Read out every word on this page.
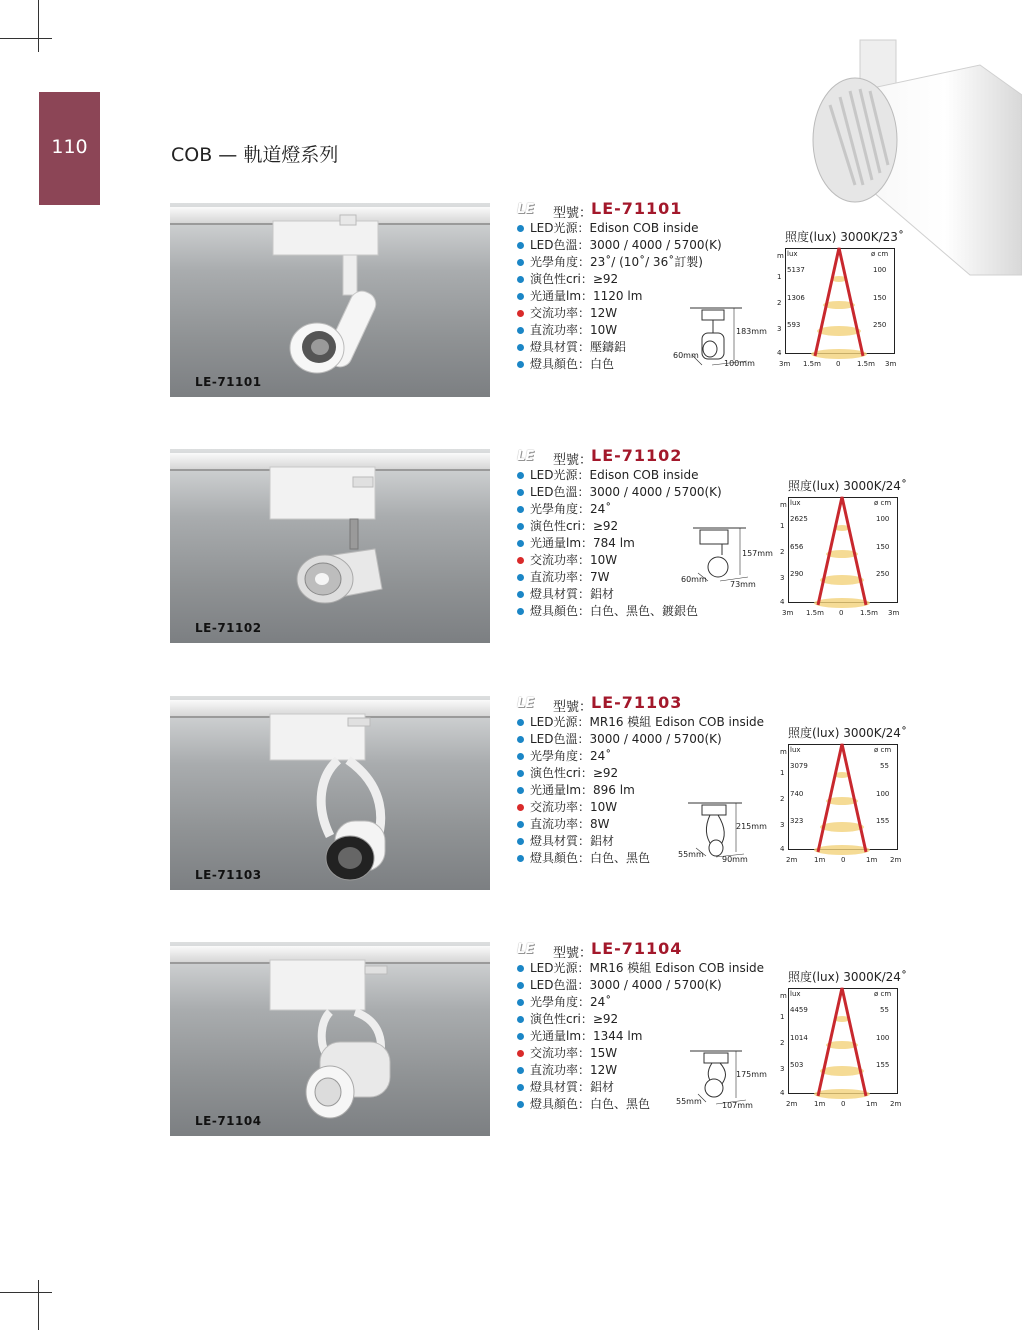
110	COB — 軌道燈系列
LE-71101
LE 型號：
LE-71101
LED光源：Edison COB inside
LED色溫：3000 / 4000 / 5700(K)
光學角度：23˚/ (10˚/ 36˚訂製)
演色性cri：≥92
光通量lm：1120 lm
交流功率：12W
直流功率：10W
燈具材質：壓鑄鋁
燈具顏色：白色
183mm
60mm
100mm
照度(lux) 3000K/23˚
m lux	ø cm
1
5137	100
2
1306	150
3 593	250
4
3m 1.5m 0 1.5m 3m
LE-71102
LE 型號：
LE-71102
LED光源：Edison COB inside
LED色溫：3000 / 4000 / 5700(K)
光學角度：24˚
演色性cri：≥92
光通量lm：784 lm
交流功率：10W
直流功率：7W
燈具材質：鋁材
燈具顏色：白色、黑色、鍍銀色
157mm
60mm
73mm
照度(lux) 3000K/24˚
m lux	ø cm
1
2625	100
2
656	150
3 290	250
4
3m 1.5m 0 1.5m 3m
LE-71103
LE 型號：
LE-71103
LED光源：MR16 模組 Edison COB inside
LED色溫：3000 / 4000 / 5700(K)
光學角度：24˚
演色性cri：≥92
光通量lm：896 lm
交流功率：10W
直流功率：8W
燈具材質：鋁材
燈具顏色：白色、黑色
215mm
55mm
90mm
照度(lux) 3000K/24˚
m lux	ø cm
1
3079	55
2
740	100
3 323	155
4
2m 1m 0	1m 2m
LE-71104
LE 型號：
LE-71104
LED光源：MR16 模組 Edison COB inside
LED色溫：3000 / 4000 / 5700(K)
光學角度：24˚
演色性cri：≥92
光通量lm：1344 lm
交流功率：15W
直流功率：12W
燈具材質：鋁材
燈具顏色：白色、黑色
175mm
55mm	107mm
照度(lux) 3000K/24˚
m lux	ø cm
1
4459	55
2
1014	100
3 503	155
4
2m 1m 0	1m 2m
